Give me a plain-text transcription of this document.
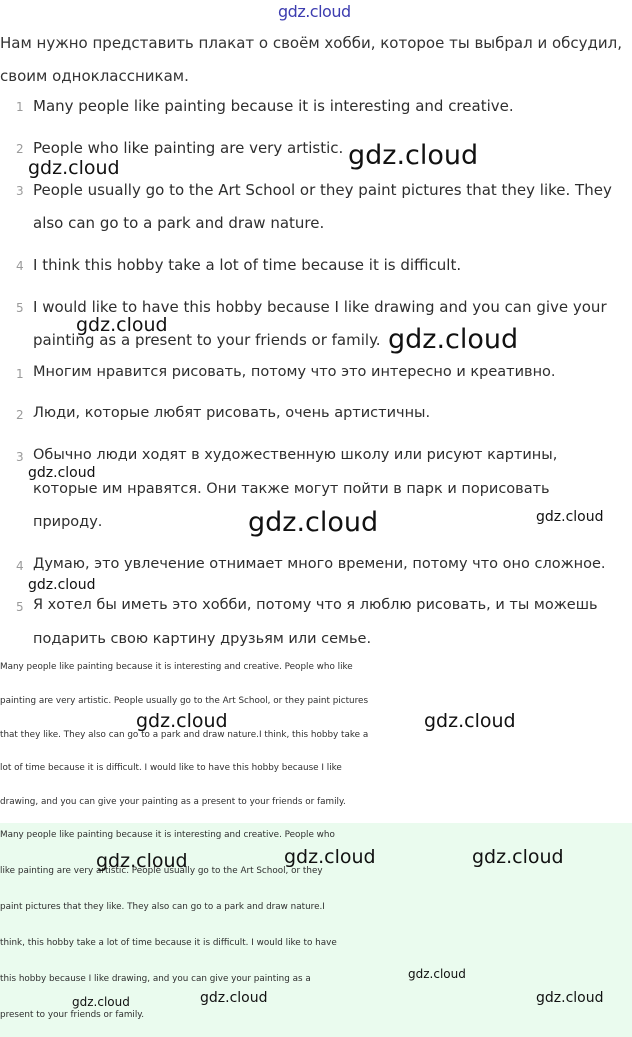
gdz.cloud
Нам нужно представить плакат о своём хобби, которое ты выбрал и обсудил,
своим одноклассникам.
1 Many people like painting because it is interesting and creative.
2 People who like painting are very artistic.
3 People usually go to the Art School or they paint pictures that they like. They
also can go to a park and draw nature.
4 I think this hobby take a lot of time because it is difficult.
5 I would like to have this hobby because I like drawing and you can give your
painting as a present to your friends or family.
1 Многим нравится рисовать, потому что это интересно и креативно.
2 Люди, которые любят рисовать, очень артистичны.
3 Обычно люди ходят в художественную школу или рисуют картины,
которые им нравятся. Они также могут пойти в парк и порисовать
природу.
4 Думаю, это увлечение отнимает много времени, потому что оно сложное.
5 Я хотел бы иметь это хобби, потому что я люблю рисовать, и ты можешь
подарить свою картину друзьям или семье.
Many people like painting because it is interesting and creative. People who like
painting are very artistic. People usually go to the Art School, or they paint pictures
that they like. They also can go to a park and draw nature.I think, this hobby take a
lot of time because it is difficult. I would like to have this hobby because I like
drawing, and you can give your painting as a present to your friends or family.
Many people like painting because it is interesting and creative. People who
like painting are very artistic. People usually go to the Art School, or they
paint pictures that they like. They also can go to a park and draw nature.I
think, this hobby take a lot of time because it is difficult. I would like to have
this hobby because I like drawing, and you can give your painting as a
present to your friends or family.
gdz.cloud	gdz.cloud
gdz.cloud	gdz.cloud
gdz.cloud
gdz.cloud	gdz.cloud
gdz.cloud
gdz.cloud	gdz.cloud
gdz.cloud	gdz.cloud	gdz.cloud
gdz.cloud
gdz.cloud	gdz.cloud	gdz.cloud
